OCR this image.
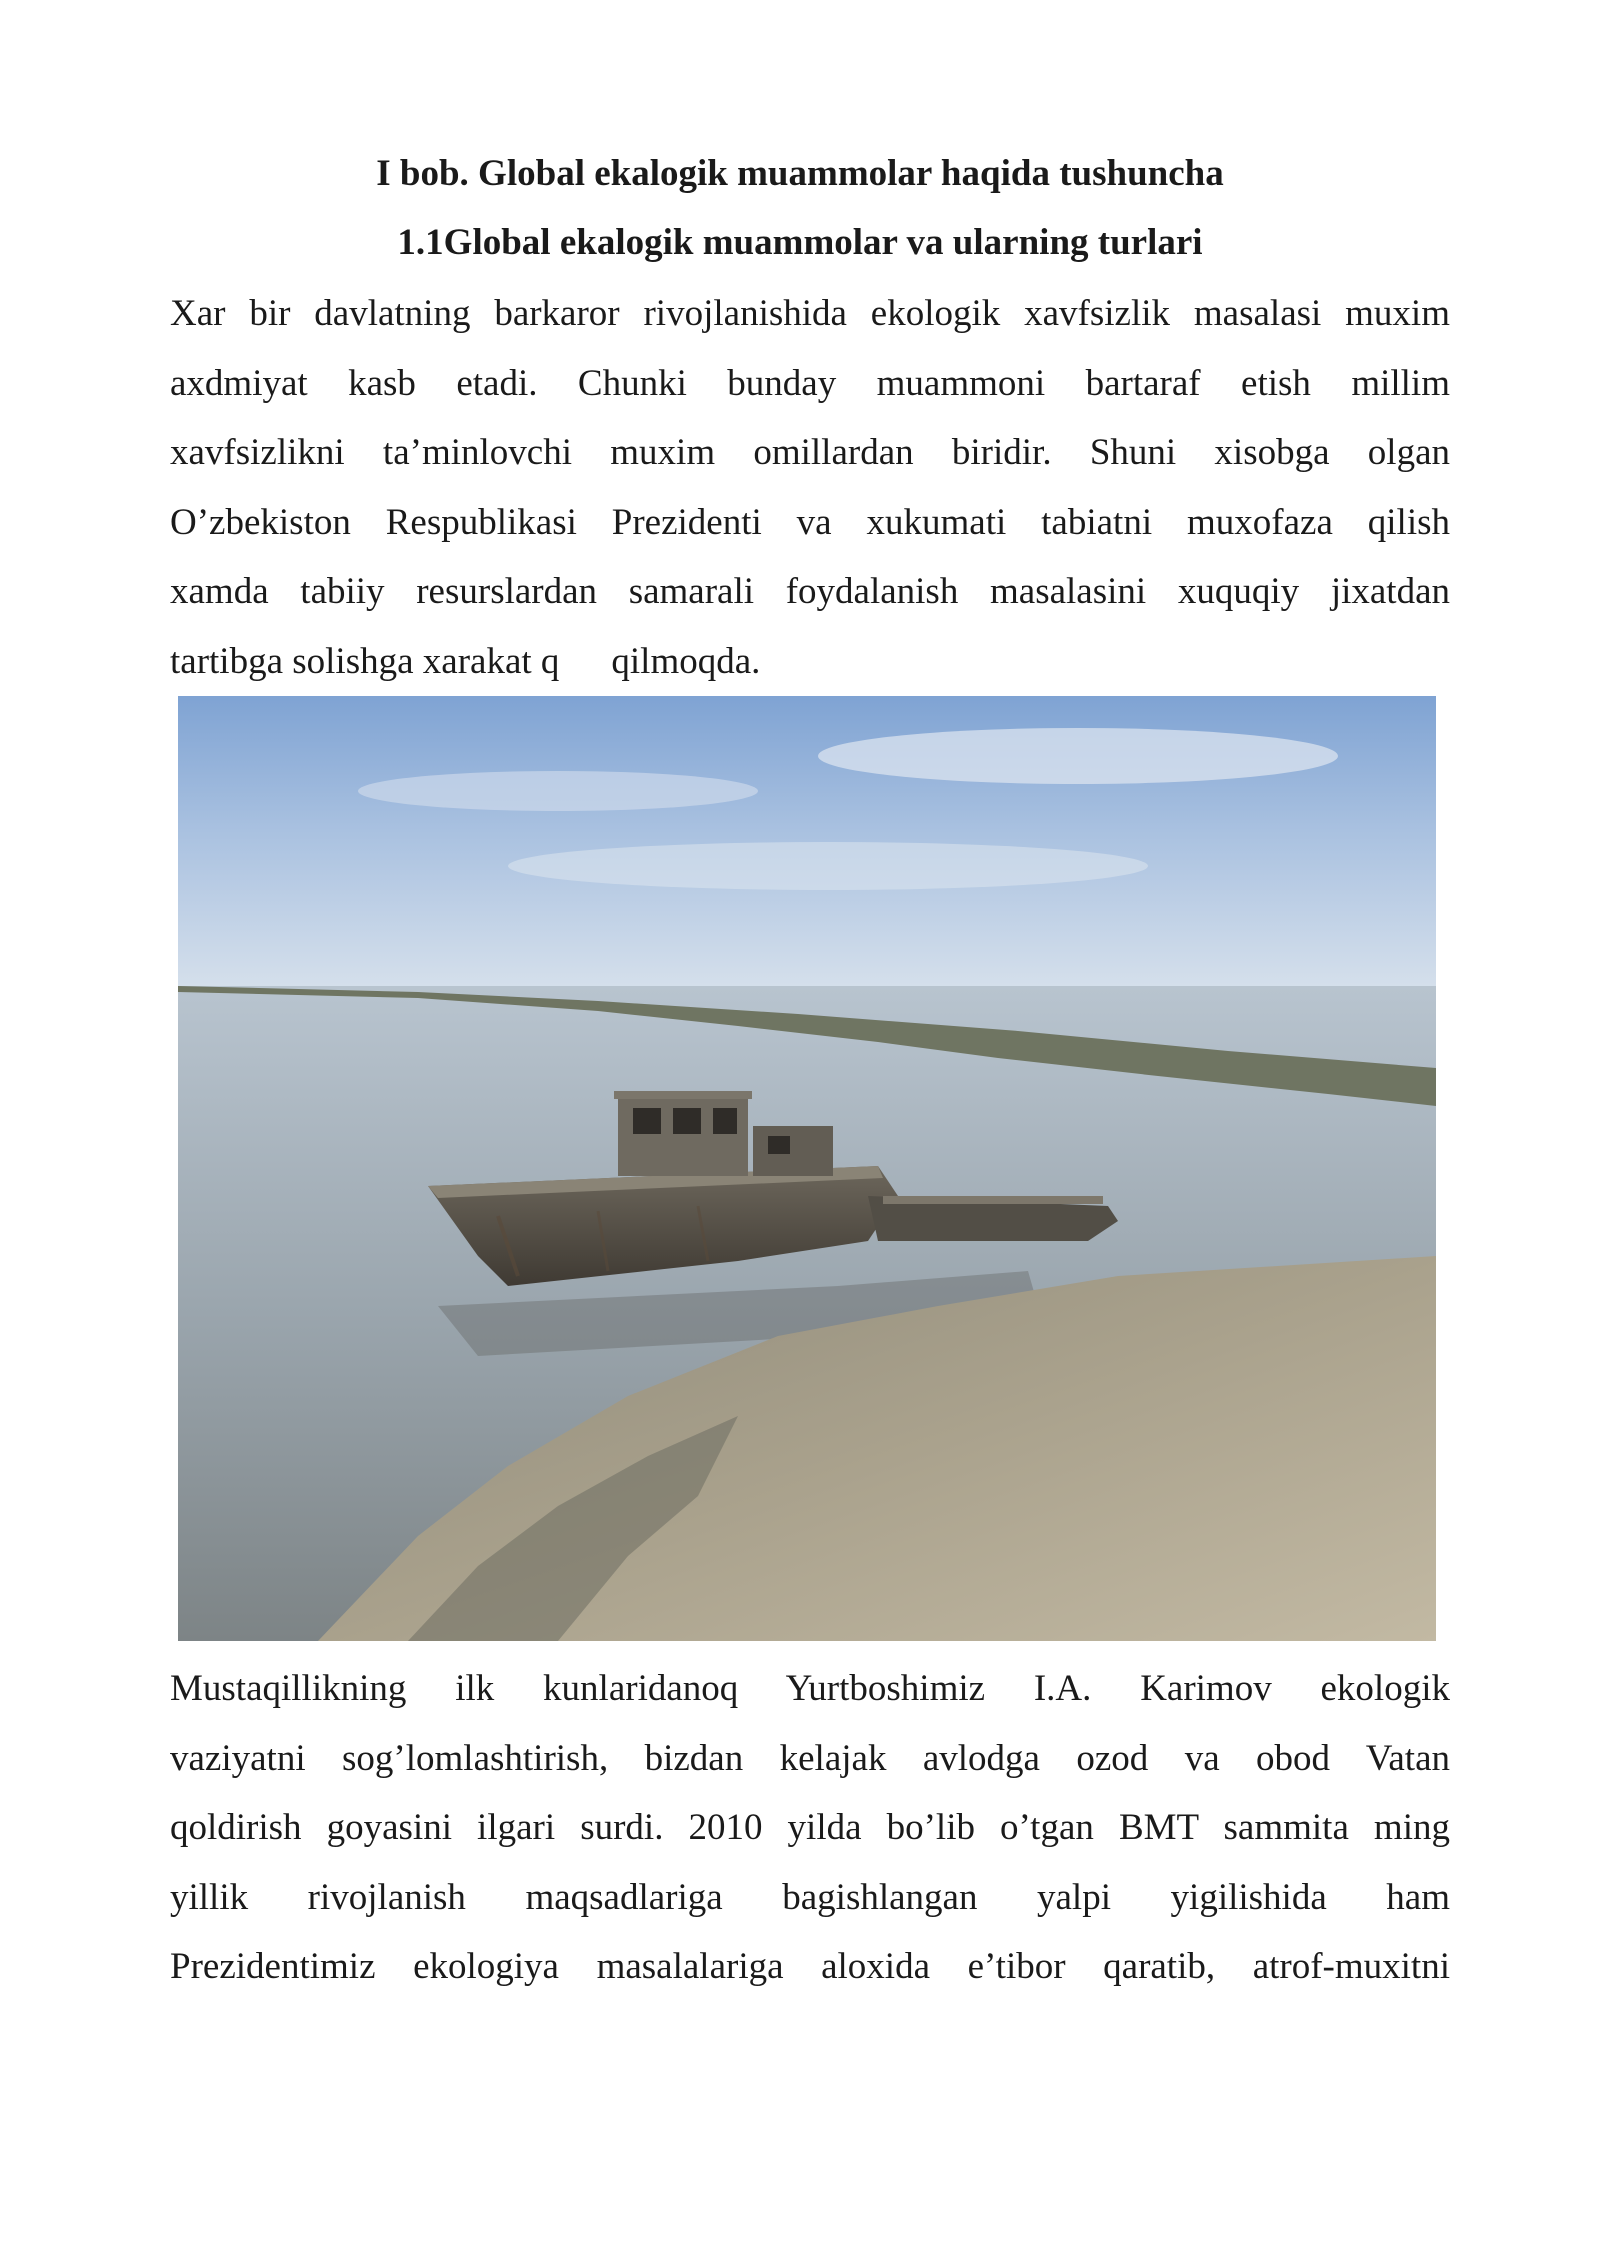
I bob. Global ekalogik muammolar haqida tushuncha
1.1Global ekalogik muammolar va ularning turlari
Xar bir davlatning barkaror rivojlanishida ekologik xavfsizlik masalasi muxim
axdmiyat kasb etadi. Chunki bunday muammoni bartaraf etish millim
xavfsizlikni ta’minlovchi muxim omillardan biridir. Shuni xisobga olgan
O’zbekiston Respublikasi Prezidenti va xukumati tabiatni muxofaza qilish
xamda tabiiy resurslardan samarali foydalanish masalasini xuquqiy jixatdan
tartibga solishga xarakat q qilmoqda.
Mustaqillikning ilk kunlaridanoq Yurtboshimiz I.A. Karimov ekologik
vaziyatni sog’lomlashtirish, bizdan kelajak avlodga ozod va obod Vatan
qoldirish goyasini ilgari surdi. 2010 yilda bo’lib o’tgan BMT sammita ming
yillik rivojlanish maqsadlariga bagishlangan yalpi yigilishida ham
Prezidentimiz ekologiya masalalariga aloxida e’tibor qaratib, atrof-muxitni
